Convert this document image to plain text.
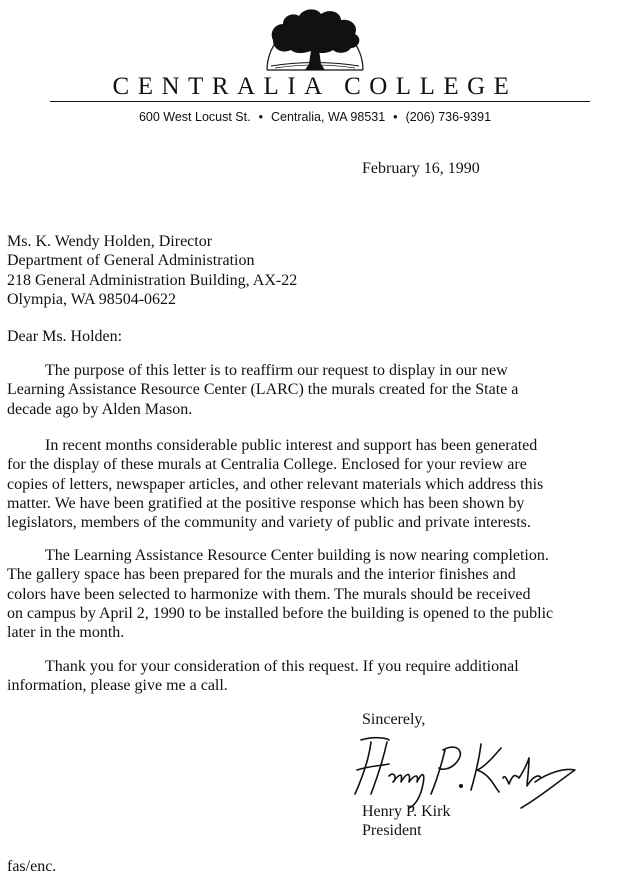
CENTRALIA COLLEGE
600 West Locust St. • Centralia, WA 98531 • (206) 736-9391
February 16, 1990
Ms. K. Wendy Holden, Director
Department of General Administration
218 General Administration Building, AX-22
Olympia, WA 98504-0622
Dear Ms. Holden:
The purpose of this letter is to reaffirm our request to display in our new
Learning Assistance Resource Center (LARC) the murals created for the State a
decade ago by Alden Mason.
In recent months considerable public interest and support has been generated
for the display of these murals at Centralia College. Enclosed for your review are
copies of letters, newspaper articles, and other relevant materials which address this
matter. We have been gratified at the positive response which has been shown by
legislators, members of the community and variety of public and private interests.
The Learning Assistance Resource Center building is now nearing completion.
The gallery space has been prepared for the murals and the interior finishes and
colors have been selected to harmonize with them. The murals should be received
on campus by April 2, 1990 to be installed before the building is opened to the public
later in the month.
Thank you for your consideration of this request. If you require additional
information, please give me a call.
Sincerely,
Henry P. Kirk
President
fas/enc.
